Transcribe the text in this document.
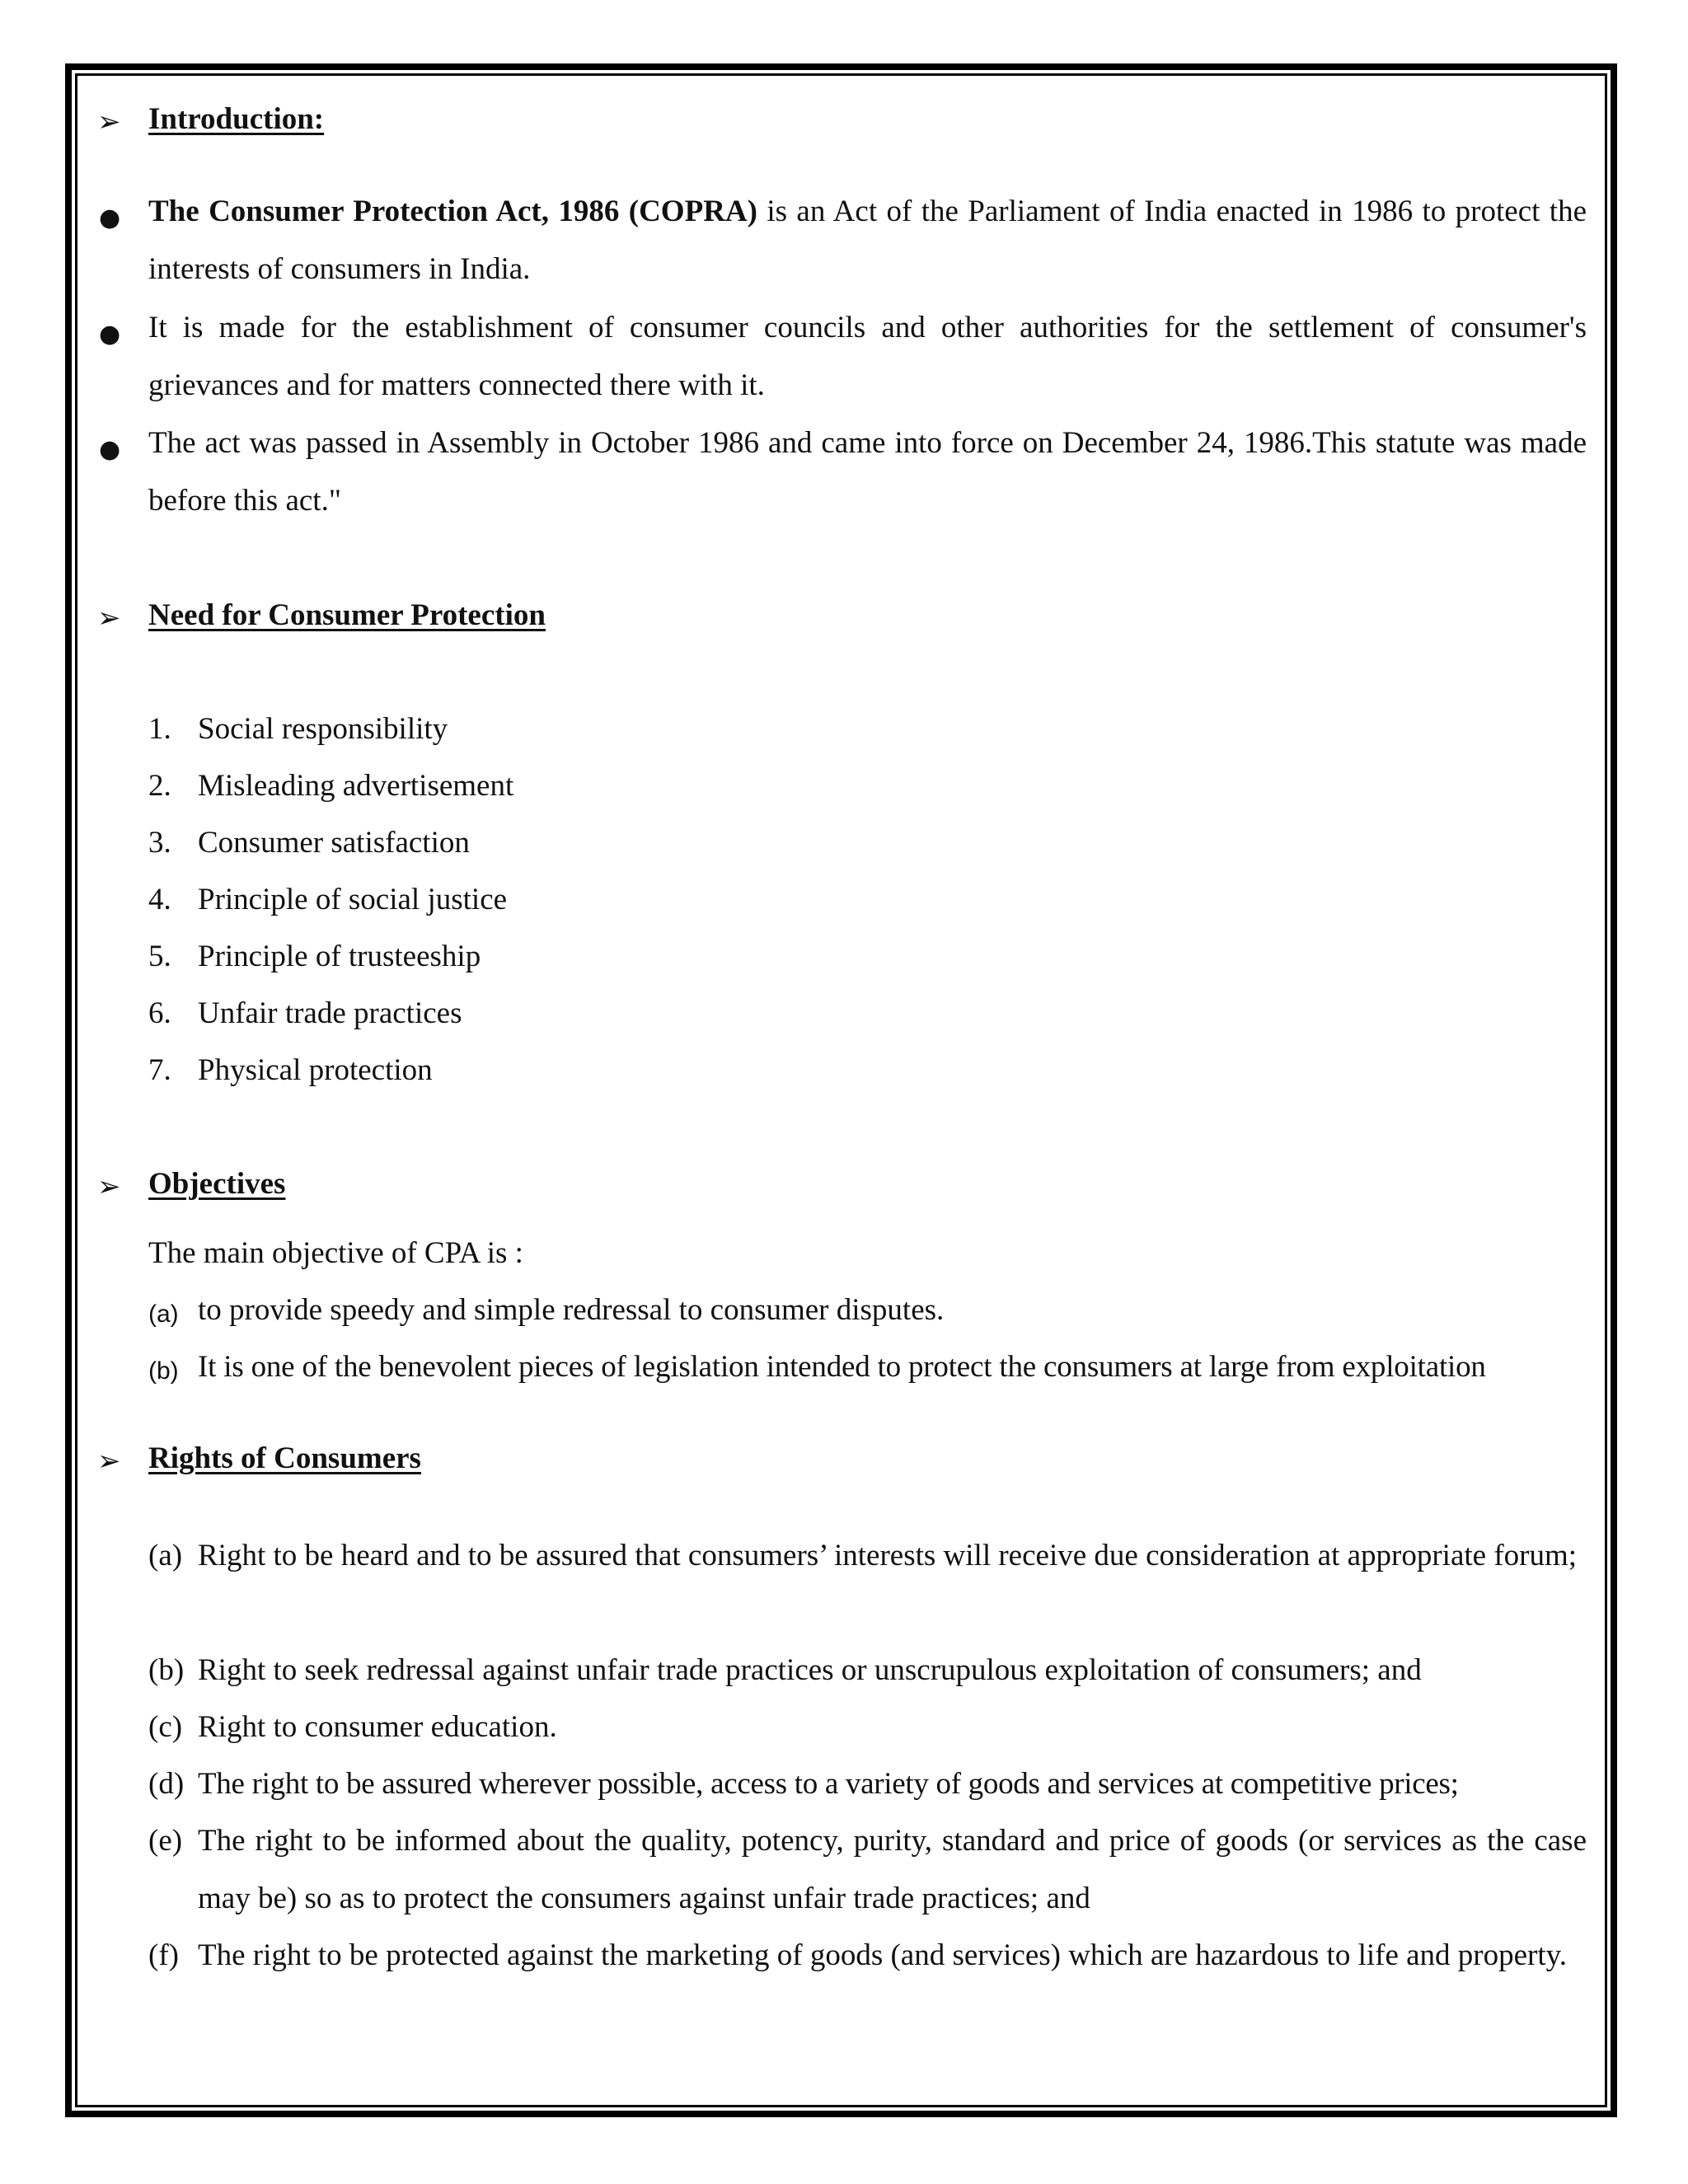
➢ Introduction:
● The Consumer Protection Act, 1986 (COPRA) is an Act of the Parliament of India enacted in 1986 to protect the interests of consumers in India.
● It is made for the establishment of consumer councils and other authorities for the settlement of consumer's grievances and for matters connected there with it.
● The act was passed in Assembly in October 1986 and came into force on December 24, 1986.This statute was made before this act."
➢ Need for Consumer Protection
1. Social responsibility
2. Misleading advertisement
3. Consumer satisfaction
4. Principle of social justice
5. Principle of trusteeship
6. Unfair trade practices
7. Physical protection
➢ Objectives
The main objective of CPA is :
(a) to provide speedy and simple redressal to consumer disputes.
(b) It is one of the benevolent pieces of legislation intended to protect the consumers at large from exploitation
➢ Rights of Consumers
(a) Right to be heard and to be assured that consumers’ interests will receive due consideration at appropriate forum;
(b) Right to seek redressal against unfair trade practices or unscrupulous exploitation of consumers; and
(c) Right to consumer education.
(d) The right to be assured wherever possible, access to a variety of goods and services at competitive prices;
(e) The right to be informed about the quality, potency, purity, standard and price of goods (or services as the case may be) so as to protect the consumers against unfair trade practices; and
(f) The right to be protected against the marketing of goods (and services) which are hazardous to life and property.
